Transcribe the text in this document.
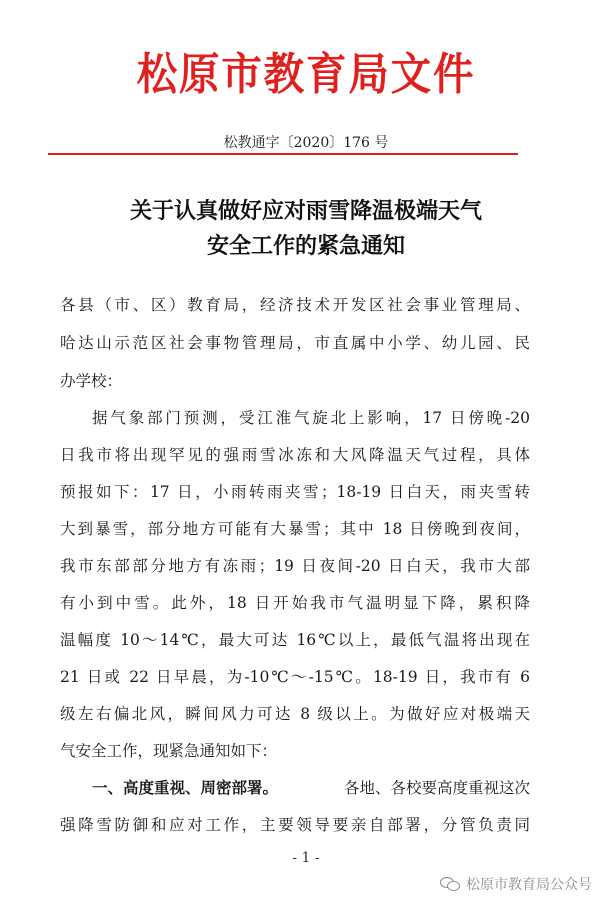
松原市教育局文件
松教通字〔2020〕176 号
关于认真做好应对雨雪降温极端天气
安全工作的紧急通知
各县（市、区）教育局，经济技术开发区社会事业管理局、
哈达山示范区社会事物管理局，市直属中小学、幼儿园、民
办学校：
据气象部门预测，受江淮气旋北上影响，17 日傍晚-20
日我市将出现罕见的强雨雪冰冻和大风降温天气过程，具体
预报如下：17 日，小雨转雨夹雪；18-19 日白天，雨夹雪转
大到暴雪，部分地方可能有大暴雪；其中 18 日傍晚到夜间，
我市东部部分地方有冻雨；19 日夜间-20 日白天，我市大部
有小到中雪。此外，18 日开始我市气温明显下降，累积降
温幅度 10～14℃，最大可达 16℃以上，最低气温将出现在
21 日或 22 日早晨，为-10℃～-15℃。18-19 日，我市有 6
级左右偏北风，瞬间风力可达 8 级以上。为做好应对极端天
气安全工作，现紧急通知如下：
一、高度重视、周密部署。	各地、各校要高度重视这次
强降雪防御和应对工作，主要领导要亲自部署，分管负责同
- 1 -
松原市教育局公众号
